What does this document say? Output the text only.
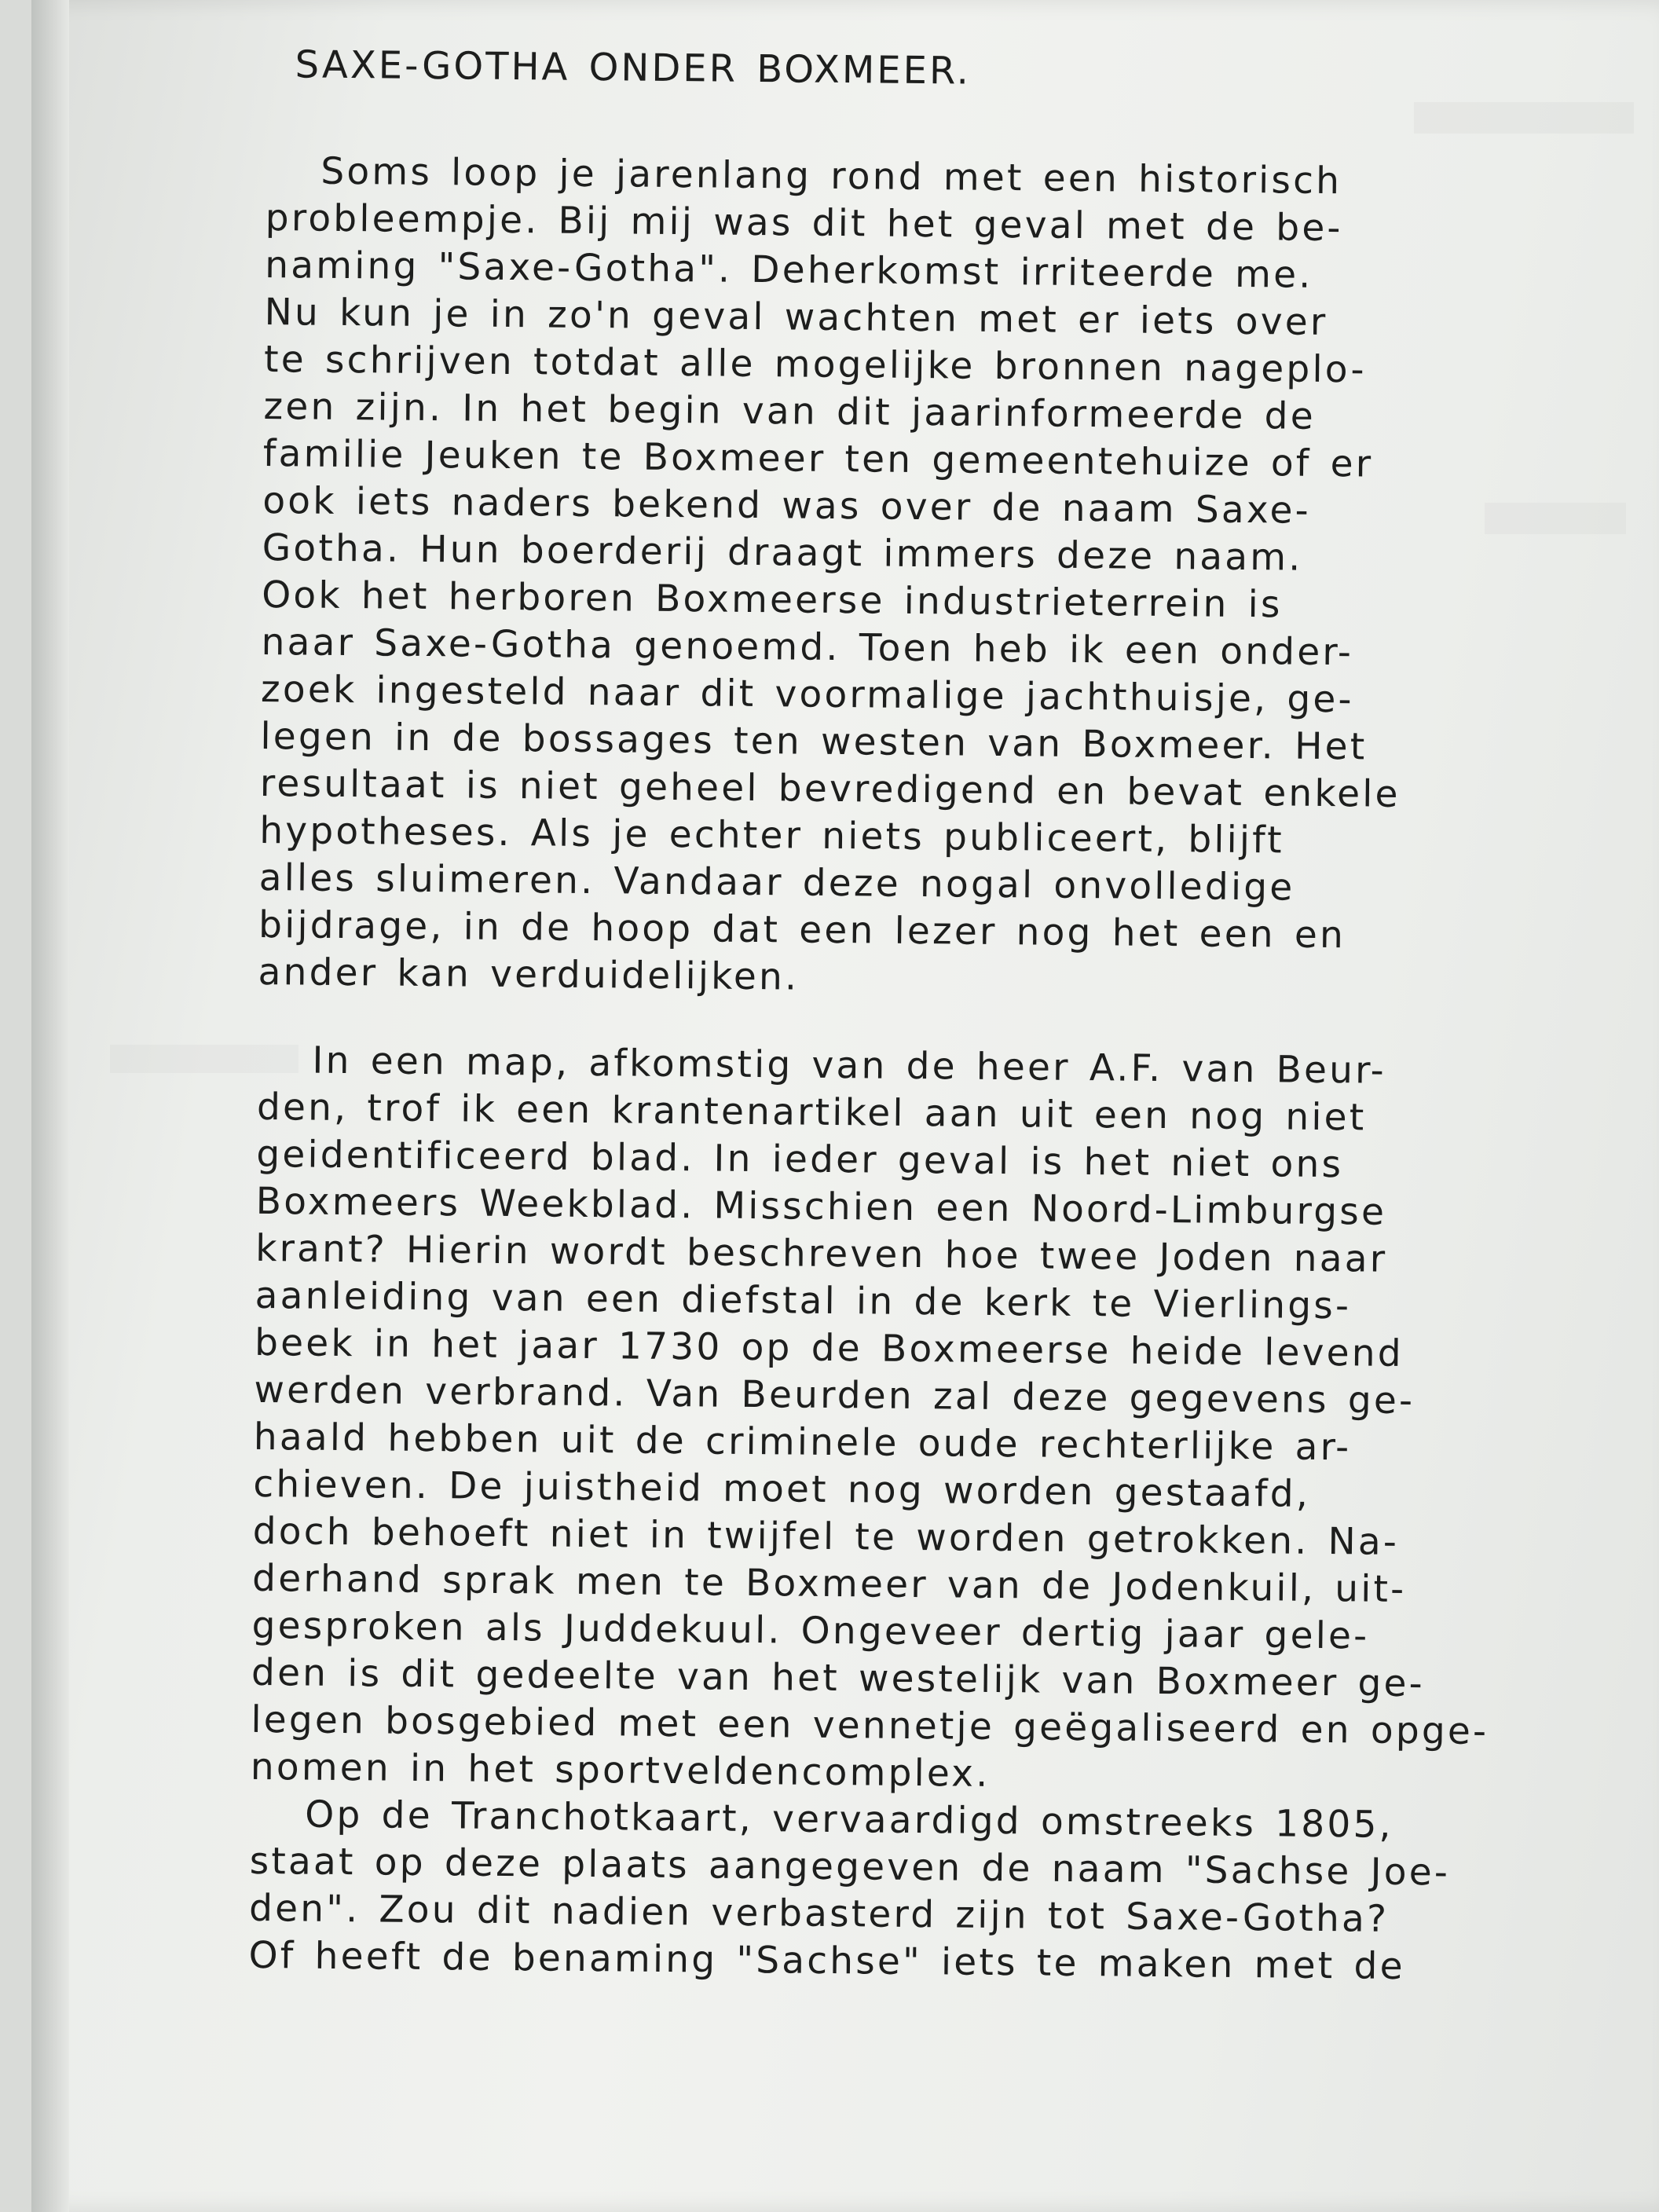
SAXE-GOTHA ONDER BOXMEER.
Soms loop je jarenlang rond met een historisch
probleempje. Bij mij was dit het geval met de be-
naming "Saxe-Gotha". Deherkomst irriteerde me.
Nu kun je in zo'n geval wachten met er iets over
te schrijven totdat alle mogelijke bronnen nageplo-
zen zijn. In het begin van dit jaarinformeerde de
familie Jeuken te Boxmeer ten gemeentehuize of er
ook iets naders bekend was over de naam Saxe-
Gotha. Hun boerderij draagt immers deze naam.
Ook het herboren Boxmeerse industrieterrein is
naar Saxe-Gotha genoemd. Toen heb ik een onder-
zoek ingesteld naar dit voormalige jachthuisje, ge-
legen in de bossages ten westen van Boxmeer. Het
resultaat is niet geheel bevredigend en bevat enkele
hypotheses. Als je echter niets publiceert, blijft
alles sluimeren. Vandaar deze nogal onvolledige
bijdrage, in de hoop dat een lezer nog het een en
ander kan verduidelijken.
In een map, afkomstig van de heer A.F. van Beur-
den, trof ik een krantenartikel aan uit een nog niet
geidentificeerd blad. In ieder geval is het niet ons
Boxmeers Weekblad. Misschien een Noord-Limburgse
krant? Hierin wordt beschreven hoe twee Joden naar
aanleiding van een diefstal in de kerk te Vierlings-
beek in het jaar 1730 op de Boxmeerse heide levend
werden verbrand. Van Beurden zal deze gegevens ge-
haald hebben uit de criminele oude rechterlijke ar-
chieven. De juistheid moet nog worden gestaafd,
doch behoeft niet in twijfel te worden getrokken. Na-
derhand sprak men te Boxmeer van de Jodenkuil, uit-
gesproken als Juddekuul. Ongeveer dertig jaar gele-
den is dit gedeelte van het westelijk van Boxmeer ge-
legen bosgebied met een vennetje geëgaliseerd en opge-
nomen in het sportveldencomplex.
Op de Tranchotkaart, vervaardigd omstreeks 1805,
staat op deze plaats aangegeven de naam "Sachse Joe-
den". Zou dit nadien verbasterd zijn tot Saxe-Gotha?
Of heeft de benaming "Sachse" iets te maken met de
